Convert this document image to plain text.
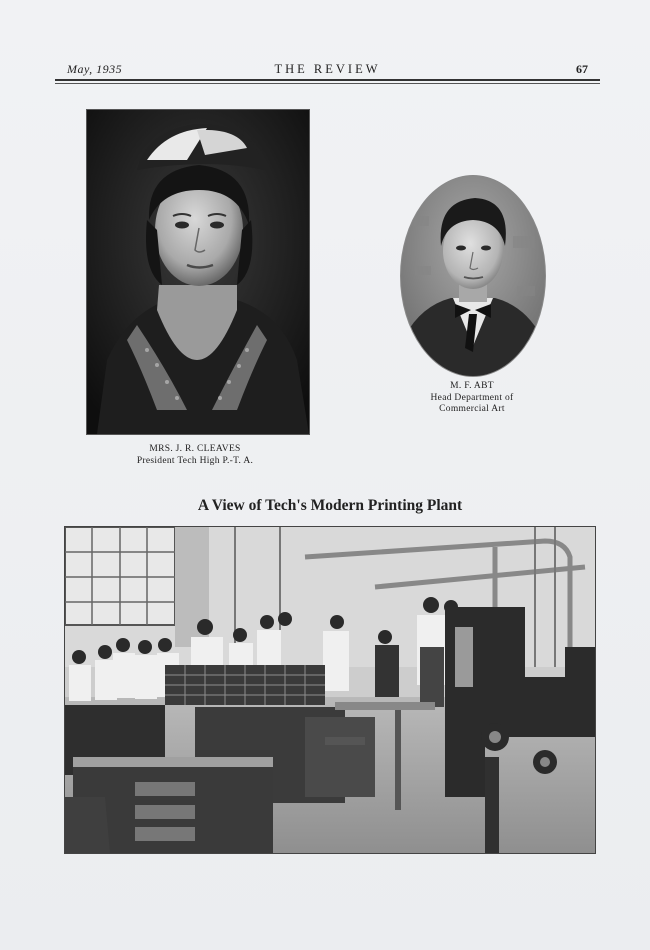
May, 1935	THE REVIEW	67
MRS. J. R. CLEAVES
President Tech High P.-T. A.
M. F. ABT
Head Department of
Commercial Art
A View of Tech's Modern Printing Plant
